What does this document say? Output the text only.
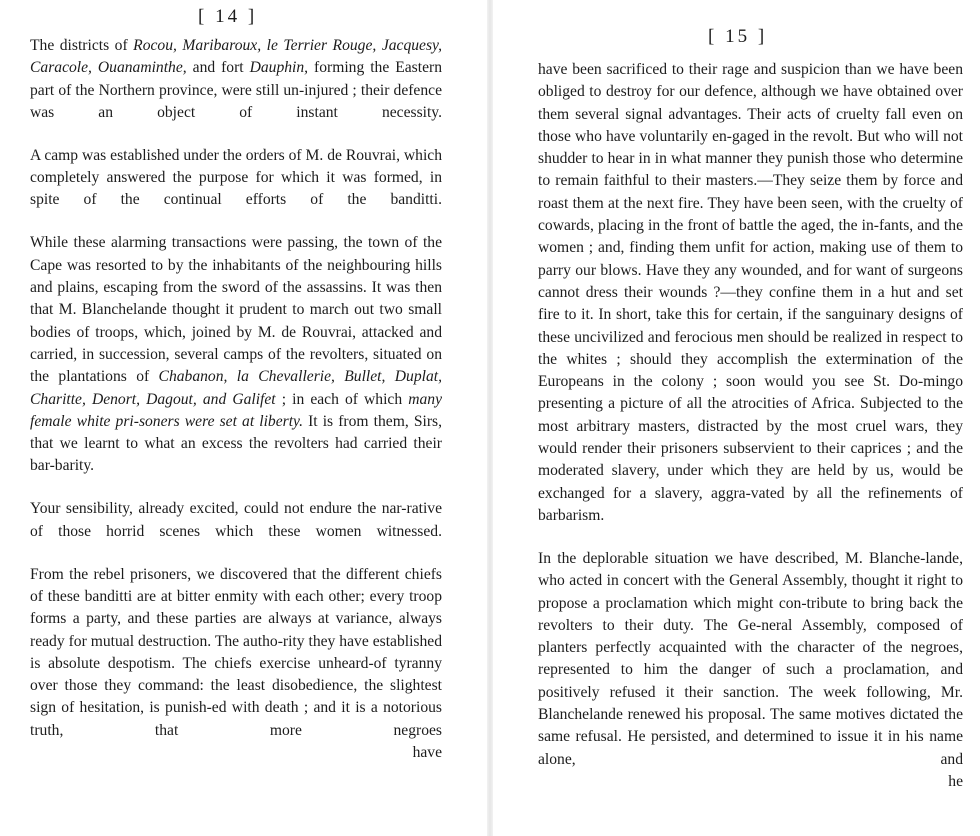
[ 14 ]

The districts of Rocou, Maribaroux, le Terrier Rouge, Jacquesy, Caracole, Ouanaminthe, and fort Dauphin, forming the Eastern part of the Northern province, were still un-injured ; their defence was an object of instant necessity.

A camp was established under the orders of M. de Rouvrai, which completely answered the purpose for which it was formed, in spite of the continual efforts of the banditti.

While these alarming transactions were passing, the town of the Cape was resorted to by the inhabitants of the neighbouring hills and plains, escaping from the sword of the assassins. It was then that M. Blanchelande thought it prudent to march out two small bodies of troops, which, joined by M. de Rouvrai, attacked and carried, in succession, several camps of the revolters, situated on the plantations of Chabanon, la Chevallerie, Bullet, Duplat, Charitte, Denort, Dagout, and Galifet ; in each of which many female white pri-soners were set at liberty. It is from them, Sirs, that we learnt to what an excess the revolters had carried their bar-barity.

Your sensibility, already excited, could not endure the nar-rative of those horrid scenes which these women witnessed.

From the rebel prisoners, we discovered that the different chiefs of these banditti are at bitter enmity with each other; every troop forms a party, and these parties are always at variance, always ready for mutual destruction. The autho-rity they have established is absolute despotism. The chiefs exercise unheard-of tyranny over those they command: the least disobedience, the slightest sign of hesitation, is punish-ed with death ; and it is a notorious truth, that more negroes

have

[ 15 ]

have been sacrificed to their rage and suspicion than we have been obliged to destroy for our defence, although we have obtained over them several signal advantages. Their acts of cruelty fall even on those who have voluntarily en-gaged in the revolt. But who will not shudder to hear in in what manner they punish those who determine to remain faithful to their masters.—They seize them by force and roast them at the next fire. They have been seen, with the cruelty of cowards, placing in the front of battle the aged, the in-fants, and the women ; and, finding them unfit for action, making use of them to parry our blows. Have they any wounded, and for want of surgeons cannot dress their wounds ?—they confine them in a hut and set fire to it. In short, take this for certain, if the sanguinary designs of these uncivilized and ferocious men should be realized in respect to the whites ; should they accomplish the extermination of the Europeans in the colony ; soon would you see St. Do-mingo presenting a picture of all the atrocities of Africa. Subjected to the most arbitrary masters, distracted by the most cruel wars, they would render their prisoners subservient to their caprices ; and the moderated slavery, under which they are held by us, would be exchanged for a slavery, aggra-vated by all the refinements of barbarism.

In the deplorable situation we have described, M. Blanche-lande, who acted in concert with the General Assembly, thought it right to propose a proclamation which might con-tribute to bring back the revolters to their duty. The Ge-neral Assembly, composed of planters perfectly acquainted with the character of the negroes, represented to him the danger of such a proclamation, and positively refused it their sanction. The week following, Mr. Blanchelande renewed his proposal. The same motives dictated the same refusal. He persisted, and determined to issue it in his name alone, and

he
